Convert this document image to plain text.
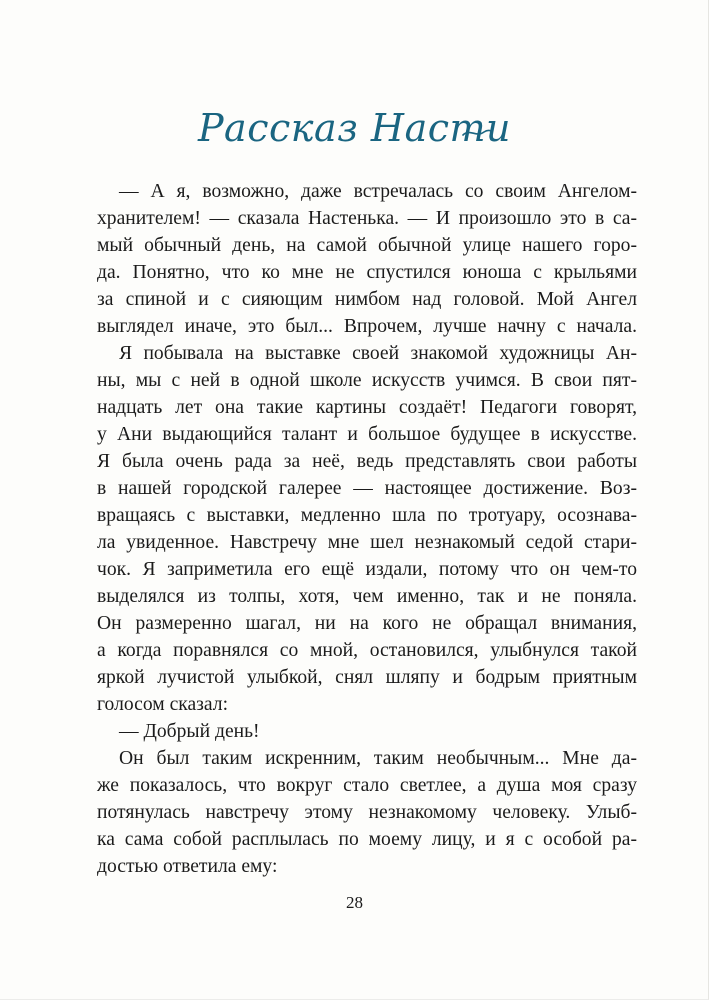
Рассказ Насти
— А я, возможно, даже встречалась со своим Ангелом-
хранителем! — сказала Настенька. — И произошло это в са-
мый обычный день, на самой обычной улице нашего горо-
да. Понятно, что ко мне не спустился юноша с крыльями
за спиной и с сияющим нимбом над головой. Мой Ангел
выглядел иначе, это был... Впрочем, лучше начну с начала.
Я побывала на выставке своей знакомой художницы Ан-
ны, мы с ней в одной школе искусств учимся. В свои пят-
надцать лет она такие картины создаёт! Педагоги говорят,
у Ани выдающийся талант и большое будущее в искусстве.
Я была очень рада за неё, ведь представлять свои работы
в нашей городской галерее — настоящее достижение. Воз-
вращаясь с выставки, медленно шла по тротуару, осознава-
ла увиденное. Навстречу мне шел незнакомый седой стари-
чок. Я заприметила его ещё издали, потому что он чем-то
выделялся из толпы, хотя, чем именно, так и не поняла.
Он размеренно шагал, ни на кого не обращал внимания,
а когда поравнялся со мной, остановился, улыбнулся такой
яркой лучистой улыбкой, снял шляпу и бодрым приятным
голосом сказал:
— Добрый день!
Он был таким искренним, таким необычным... Мне да-
же показалось, что вокруг стало светлее, а душа моя сразу
потянулась навстречу этому незнакомому человеку. Улыб-
ка сама собой расплылась по моему лицу, и я с особой ра-
достью ответила ему:
28
